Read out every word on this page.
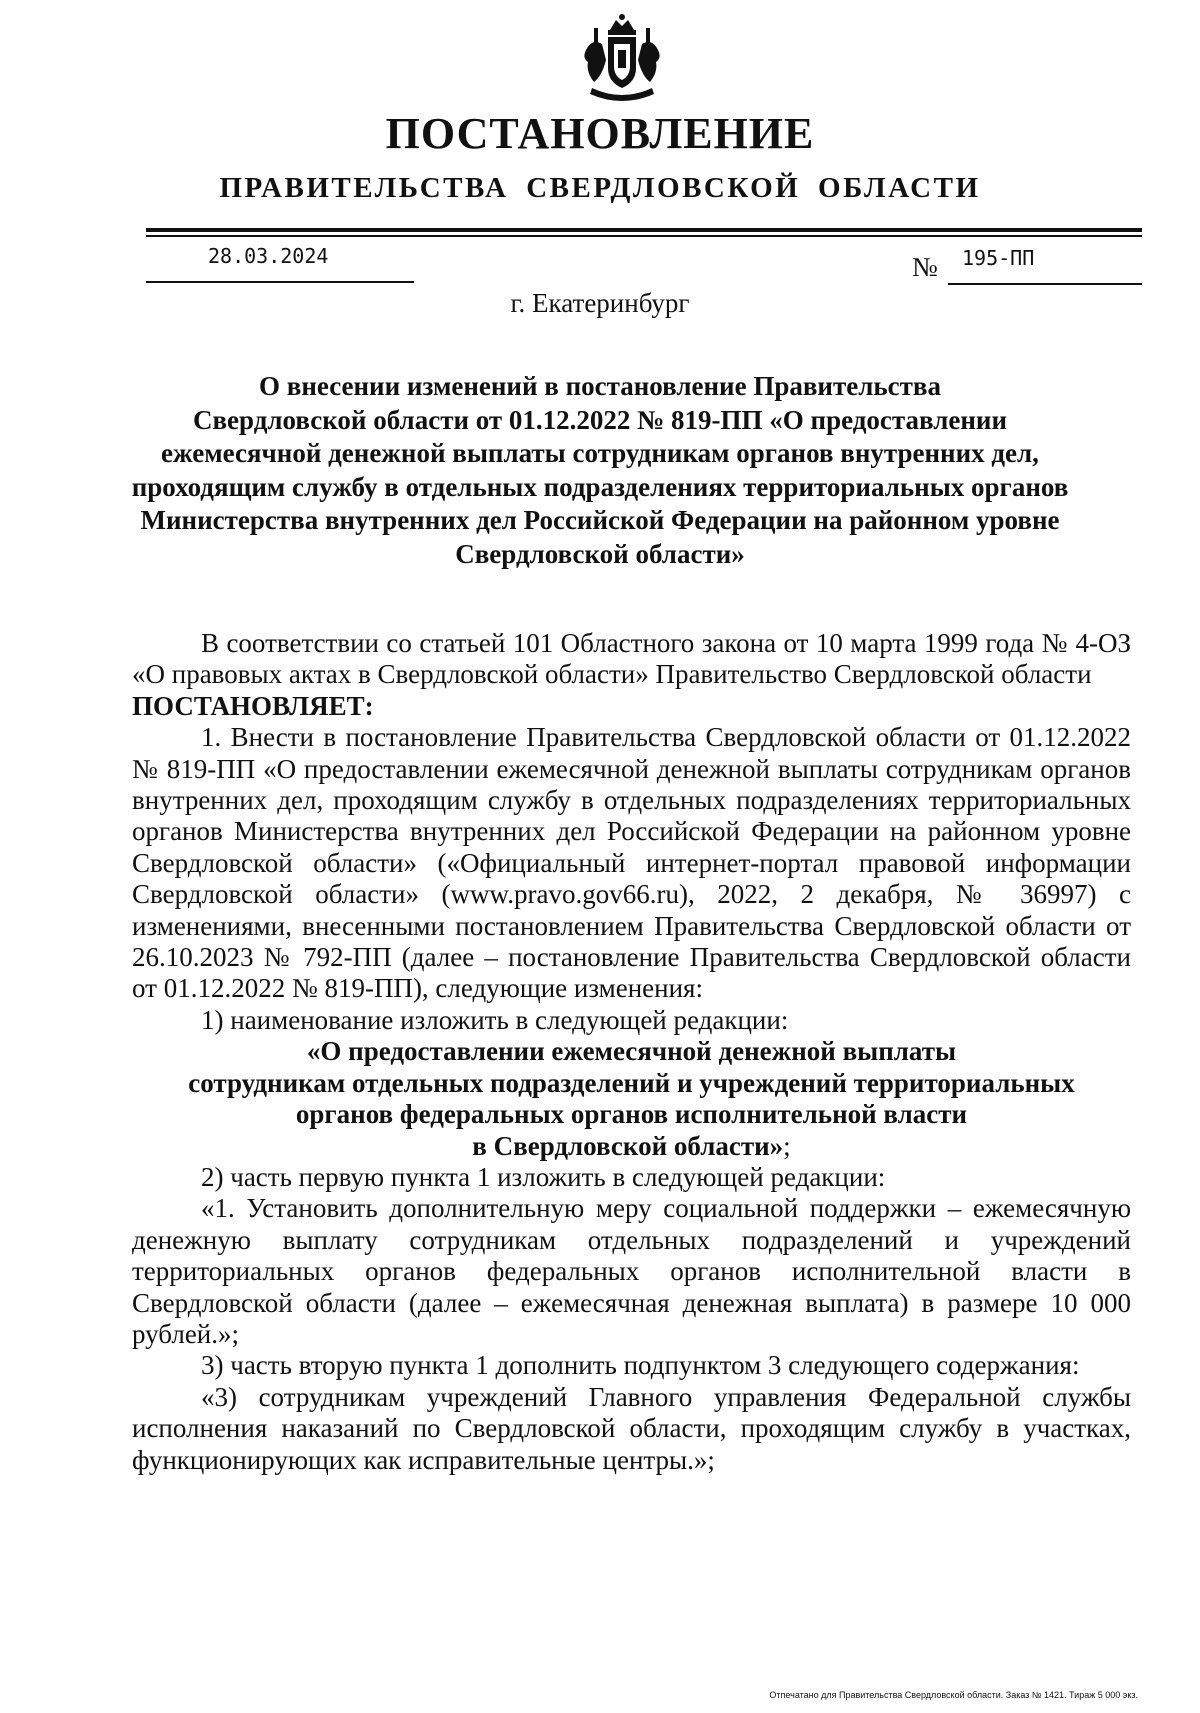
ПОСТАНОВЛЕНИЕ
ПРАВИТЕЛЬСТВА СВЕРДЛОВСКОЙ ОБЛАСТИ
28.03.2024	№ 195-ПП
г. Екатеринбург
О внесении изменений в постановление Правительства
Свердловской области от 01.12.2022 № 819-ПП «О предоставлении
ежемесячной денежной выплаты сотрудникам органов внутренних дел,
проходящим службу в отдельных подразделениях территориальных органов
Министерства внутренних дел Российской Федерации на районном уровне
Свердловской области»

В соответствии со статьей 101 Областного закона от 10 марта 1999 года № 4-ОЗ «О правовых актах в Свердловской области» Правительство Свердловской области

ПОСТАНОВЛЯЕТ:

1. Внести в постановление Правительства Свердловской области от 01.12.2022 № 819-ПП «О предоставлении ежемесячной денежной выплаты сотрудникам органов внутренних дел, проходящим службу в отдельных подразделениях территориальных органов Министерства внутренних дел Российской Федерации на районном уровне Свердловской области» («Официальный интернет-портал правовой информации Свердловской области» (www.pravo.gov66.ru), 2022, 2 декабря, № 36997) с изменениями, внесенными постановлением Правительства Свердловской области от 26.10.2023 № 792-ПП (далее – постановление Правительства Свердловской области от 01.12.2022 № 819-ПП), следующие изменения:

1) наименование изложить в следующей редакции:

«О предоставлении ежемесячной денежной выплаты
сотрудникам отдельных подразделений и учреждений территориальных
органов федеральных органов исполнительной власти
в Свердловской области»;

2) часть первую пункта 1 изложить в следующей редакции:

«1. Установить дополнительную меру социальной поддержки – ежемесячную денежную выплату сотрудникам отдельных подразделений и учреждений территориальных органов федеральных органов исполнительной власти в Свердловской области (далее – ежемесячная денежная выплата) в размере 10 000 рублей.»;

3) часть вторую пункта 1 дополнить подпунктом 3 следующего содержания:

«3) сотрудникам учреждений Главного управления Федеральной службы исполнения наказаний по Свердловской области, проходящим службу в участках, функционирующих как исправительные центры.»;

Отпечатано для Правительства Свердловской области. Заказ № 1421. Тираж 5 000 экз.
